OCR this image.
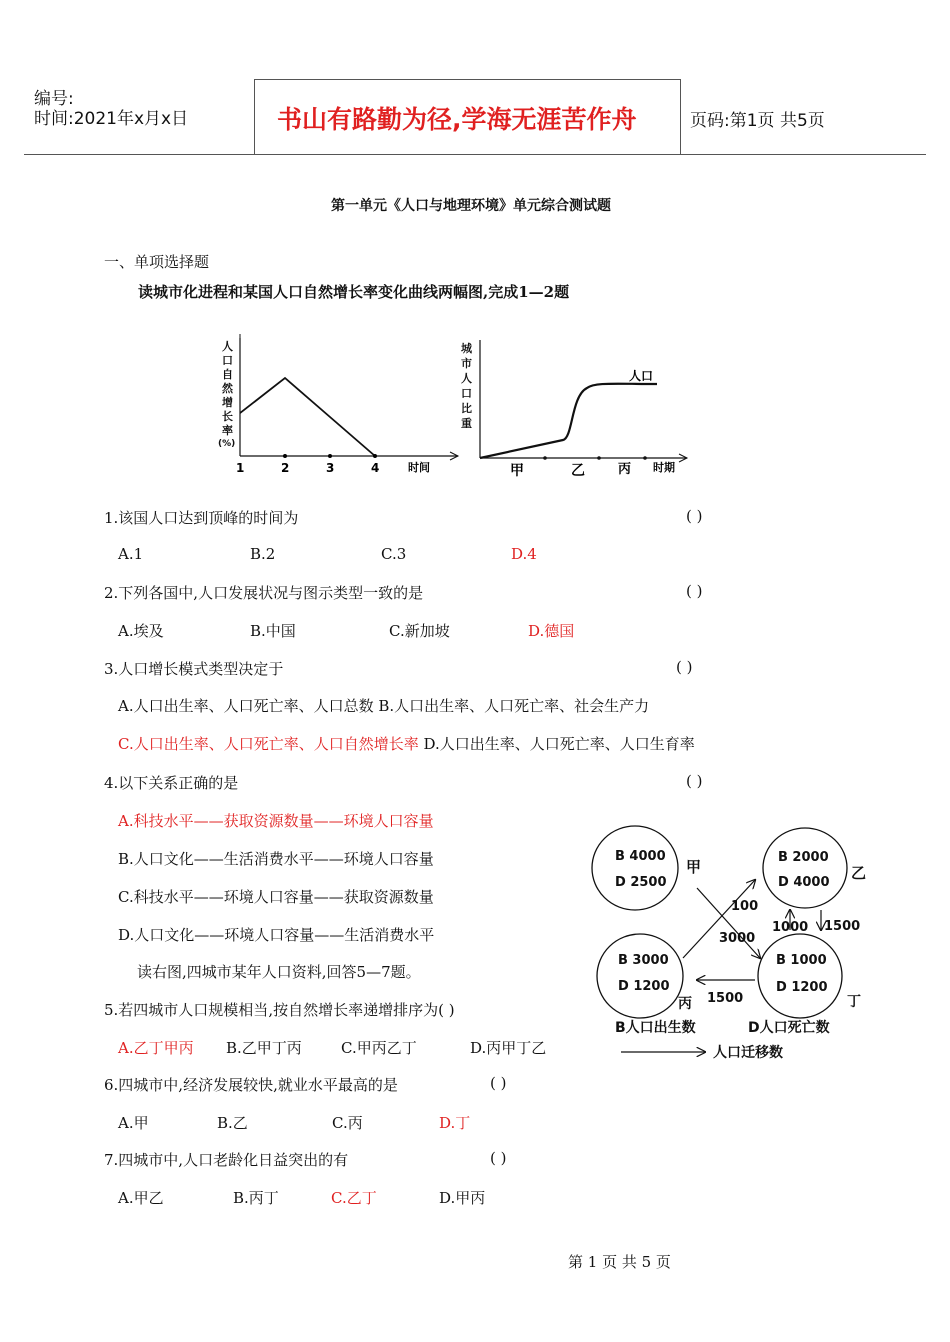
编号:
时间:2021年x月x日	书山有路勤为径,学海无涯苦作舟	页码:第1页 共5页
第一单元《人口与地理环境》单元综合测试题
一、单项选择题
读城市化进程和某国人口自然增长率变化曲线两幅图,完成1—2题
人
口
自
然
增
长
率
(%)
1	2	3	4	时间
城
市
人
口
比
重
人口
甲	乙	丙 时期
1.该国人口达到顶峰的时间为	( )
A.1	B.2	C.3	D.4
2.下列各国中,人口发展状况与图示类型一致的是	( )
A.埃及	B.中国	C.新加坡	D.德国
3.人口增长模式类型决定于	( )
A.人口出生率、人口死亡率、人口总数 B.人口出生率、人口死亡率、社会生产力
C.人口出生率、人口死亡率、人口自然增长率 D.人口出生率、人口死亡率、人口生育率
4.以下关系正确的是	( )
A.科技水平——获取资源数量——环境人口容量
B.人口文化——生活消费水平——环境人口容量
C.科技水平——环境人口容量——获取资源数量
D.人口文化——环境人口容量——生活消费水平
读右图,四城市某年人口资料,回答5—7题。
5.若四城市人口规模相当,按自然增长率递增排序为( )
A.乙丁甲丙 B.乙甲丁丙	C.甲丙乙丁	D.丙甲丁乙
6.四城市中,经济发展较快,就业水平最高的是	( )
A.甲	B.乙	C.丙	D.丁
7.四城市中,人口老龄化日益突出的有	( )
A.甲乙	B.丙丁	C.乙丁	D.甲丙
B 4000
D 2500
甲
B 2000
D 4000
乙
B 3000
D 1200
丙
B 1000
D 1200
丁
100
3000
1000 1500
1500
B人口出生数	D人口死亡数
人口迁移数
第 1 页 共 5 页
